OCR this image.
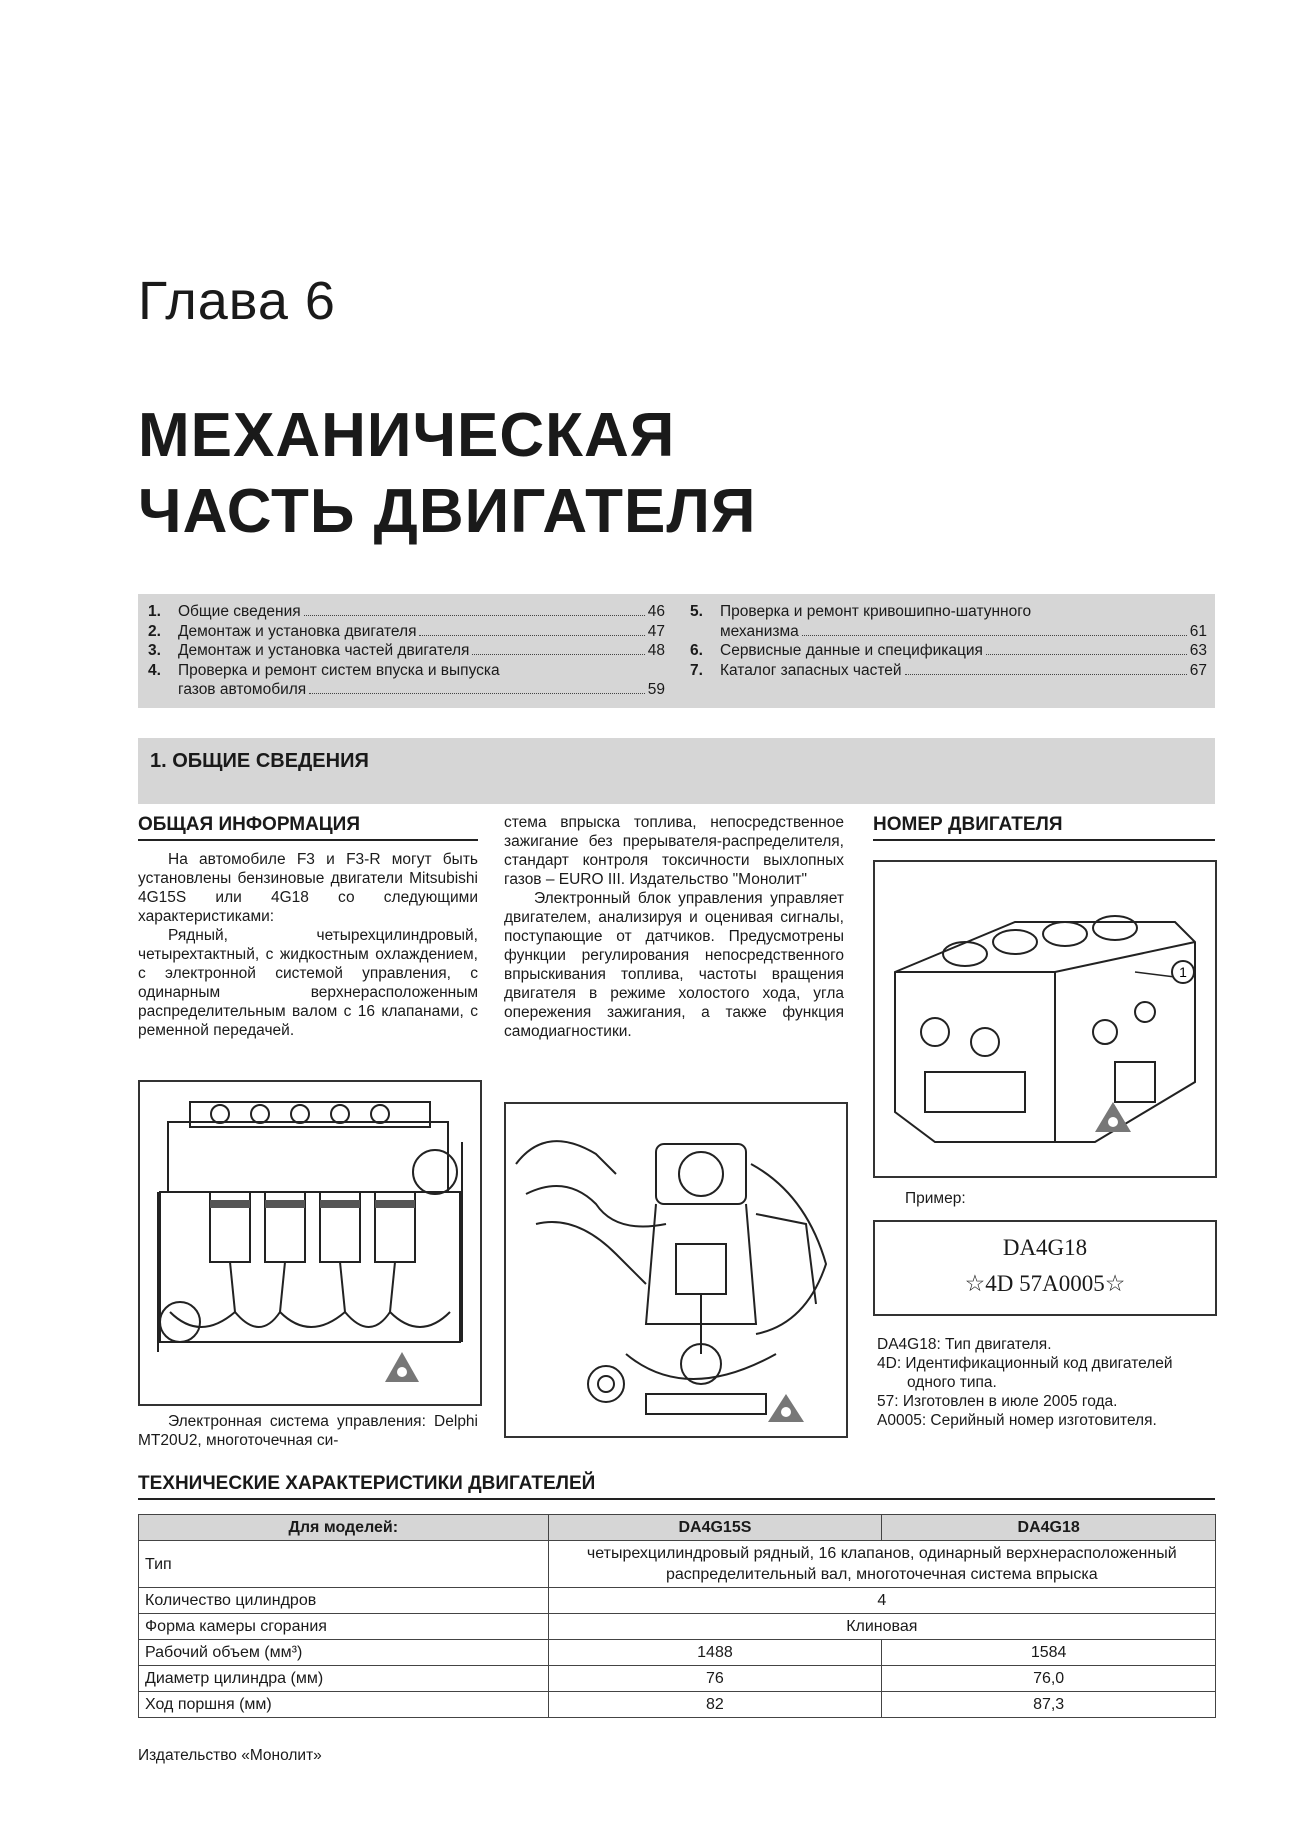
Глава 6
МЕХАНИЧЕСКАЯ
ЧАСТЬ ДВИГАТЕЛЯ
1.	Общие сведения	46
2.	Демонтаж и установка двигателя	47
3.	Демонтаж и установка частей двигателя	48
4.	Проверка и ремонт систем впуска и выпуска
газов автомобиля	59
5.	Проверка и ремонт кривошипно-шатунного
механизма	61
6.	Сервисные данные и спецификация	63
7.	Каталог запасных частей	67
1. ОБЩИЕ СВЕДЕНИЯ
ОБЩАЯ ИНФОРМАЦИЯ

На автомобиле F3 и F3-R могут быть установлены бензиновые двигатели Mitsubishi 4G15S или 4G18 со следующими характеристиками:

Рядный, четырехцилиндровый, четырехтактный, с жидкостным охлаждением, с электронной системой управления, с одинарным верхнерасположенным распределительным валом с 16 клапанами, с ременной передачей.

Электронная система управления: Delphi MT20U2, многоточечная си-

стема впрыска топлива, непосредственное зажигание без прерывателя-распределителя, стандарт контроля токсичности выхлопных газов – EURO III. Издательство "Монолит"

Электронный блок управления управляет двигателем, анализируя и оценивая сигналы, поступающие от датчиков. Предусмотрены функции регулирования непосредственного впрыскивания топлива, частоты вращения двигателя в режиме холостого хода, угла опережения зажигания, а также функция самодиагностики.

НОМЕР ДВИГАТЕЛЯ
1
Пример:
DA4G18
☆4D 57A0005☆
DA4G18: Тип двигателя.
4D: Идентификационный код двигателей одного типа.
57: Изготовлен в июле 2005 года.
A0005: Серийный номер изготовителя.
ТЕХНИЧЕСКИЕ ХАРАКТЕРИСТИКИ ДВИГАТЕЛЕЙ
Для моделей:	DA4G15S	DA4G18
Тип	четырехцилиндровый рядный, 16 клапанов, одинарный верхнерасположенный распределительный вал, многоточечная система впрыска	
Количество цилиндров	4	
Форма камеры сгорания	Клиновая	
Рабочий объем (мм³)	1488	1584
Диаметр цилиндра (мм)	76	76,0
Ход поршня (мм)	82	87,3
Издательство «Монолит»
